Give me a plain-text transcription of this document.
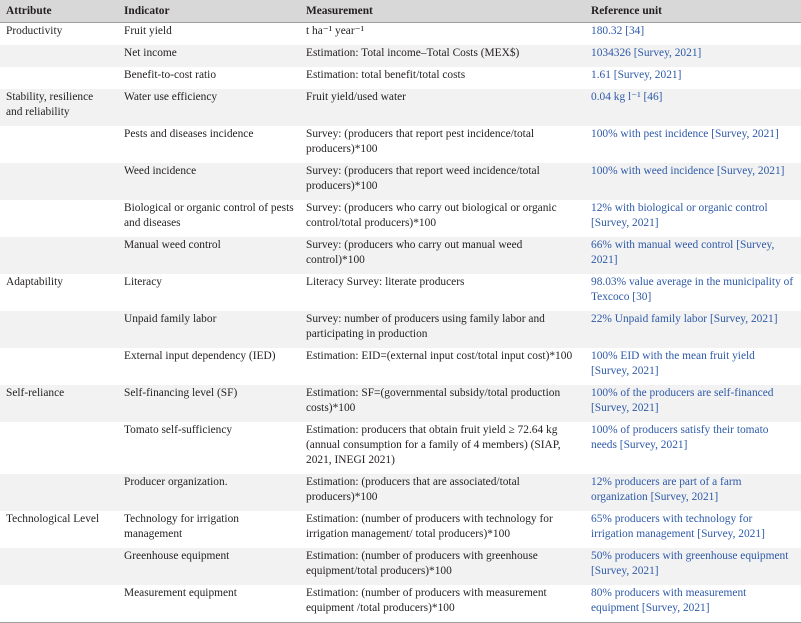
Attribute	Indicator	Measurement	Reference unit
Productivity	Fruit yield	t ha⁻¹ year⁻¹	180.32 [34]
	Net income	Estimation: Total income–Total Costs (MEX$)	1034326 [Survey, 2021]
	Benefit-to-cost ratio	Estimation: total benefit/total costs	1.61 [Survey, 2021]
Stability, resilience and reliability	Water use efficiency	Fruit yield/used water	0.04 kg l⁻¹ [46]
	Pests and diseases incidence	Survey: (producers that report pest incidence/total producers)*100	100% with pest incidence [Survey, 2021]
	Weed incidence	Survey: (producers that report weed incidence/total producers)*100	100% with weed incidence [Survey, 2021]
	Biological or organic control of pests and diseases	Survey: (producers who carry out biological or organic control/total producers)*100	12% with biological or organic control [Survey, 2021]
	Manual weed control	Survey: (producers who carry out manual weed control)*100	66% with manual weed control [Survey, 2021]
Adaptability	Literacy	Literacy Survey: literate producers	98.03% value average in the municipality of Texcoco [30]
	Unpaid family labor	Survey: number of producers using family labor and participating in production	22% Unpaid family labor [Survey, 2021]
	External input dependency (IED)	Estimation: EID=(external input cost/total input cost)*100	100% EID with the mean fruit yield [Survey, 2021]
Self-reliance	Self-financing level (SF)	Estimation: SF=(governmental subsidy/total production costs)*100	100% of the producers are self-financed [Survey, 2021]
	Tomato self-sufficiency	Estimation: producers that obtain fruit yield ≥ 72.64 kg (annual consumption for a family of 4 members) (SIAP, 2021, INEGI 2021)	100% of producers satisfy their tomato needs [Survey, 2021]
	Producer organization.	Estimation: (producers that are associated/total producers)*100	12% producers are part of a farm organization [Survey, 2021]
Technological Level	Technology for irrigation management	Estimation: (number of producers with technology for irrigation management/ total producers)*100	65% producers with technology for irrigation management [Survey, 2021]
	Greenhouse equipment	Estimation: (number of producers with greenhouse equipment/total producers)*100	50% producers with greenhouse equipment [Survey, 2021]
	Measurement equipment	Estimation: (number of producers with measurement equipment /total producers)*100	80% producers with measurement equipment [Survey, 2021]
